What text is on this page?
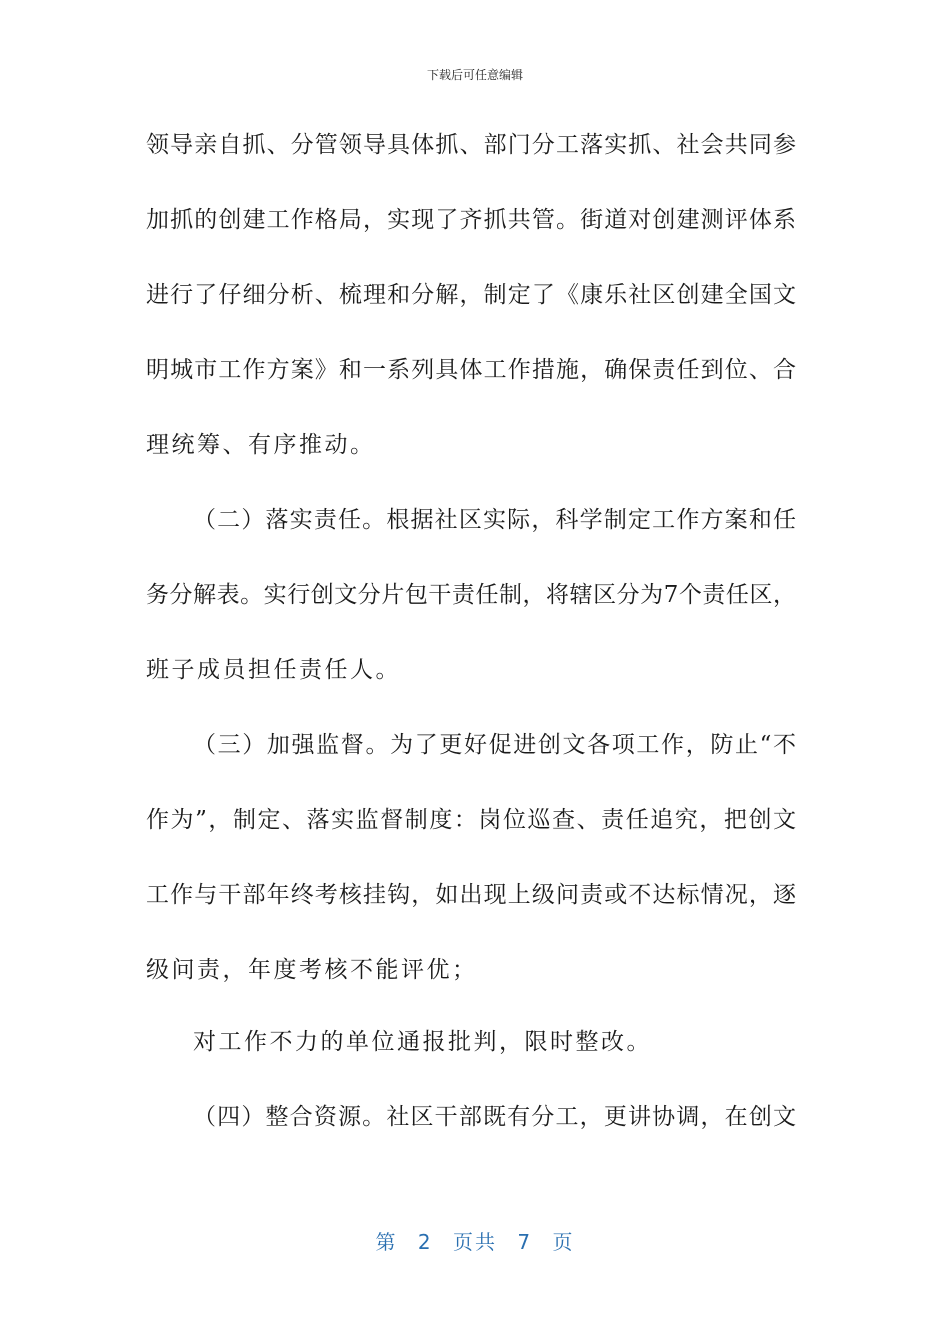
下载后可任意编辑
领导亲自抓、分管领导具体抓、部门分工落实抓、社会共同参
加抓的创建工作格局，实现了齐抓共管。街道对创建测评体系
进行了仔细分析、梳理和分解，制定了《康乐社区创建全国文
明城市工作方案》和一系列具体工作措施，确保责任到位、合
理统筹、有序推动。
（二）落实责任。根据社区实际，科学制定工作方案和任
务分解表。实行创文分片包干责任制，将辖区分为7个责任区，
班子成员担任责任人。
（三）加强监督。为了更好促进创文各项工作，防止“不
作为”，制定、落实监督制度：岗位巡查、责任追究，把创文
工作与干部年终考核挂钩，如出现上级问责或不达标情况，逐
级问责，年度考核不能评优；
对工作不力的单位通报批判，限时整改。
（四）整合资源。社区干部既有分工，更讲协调，在创文
第 2 页共 7 页
